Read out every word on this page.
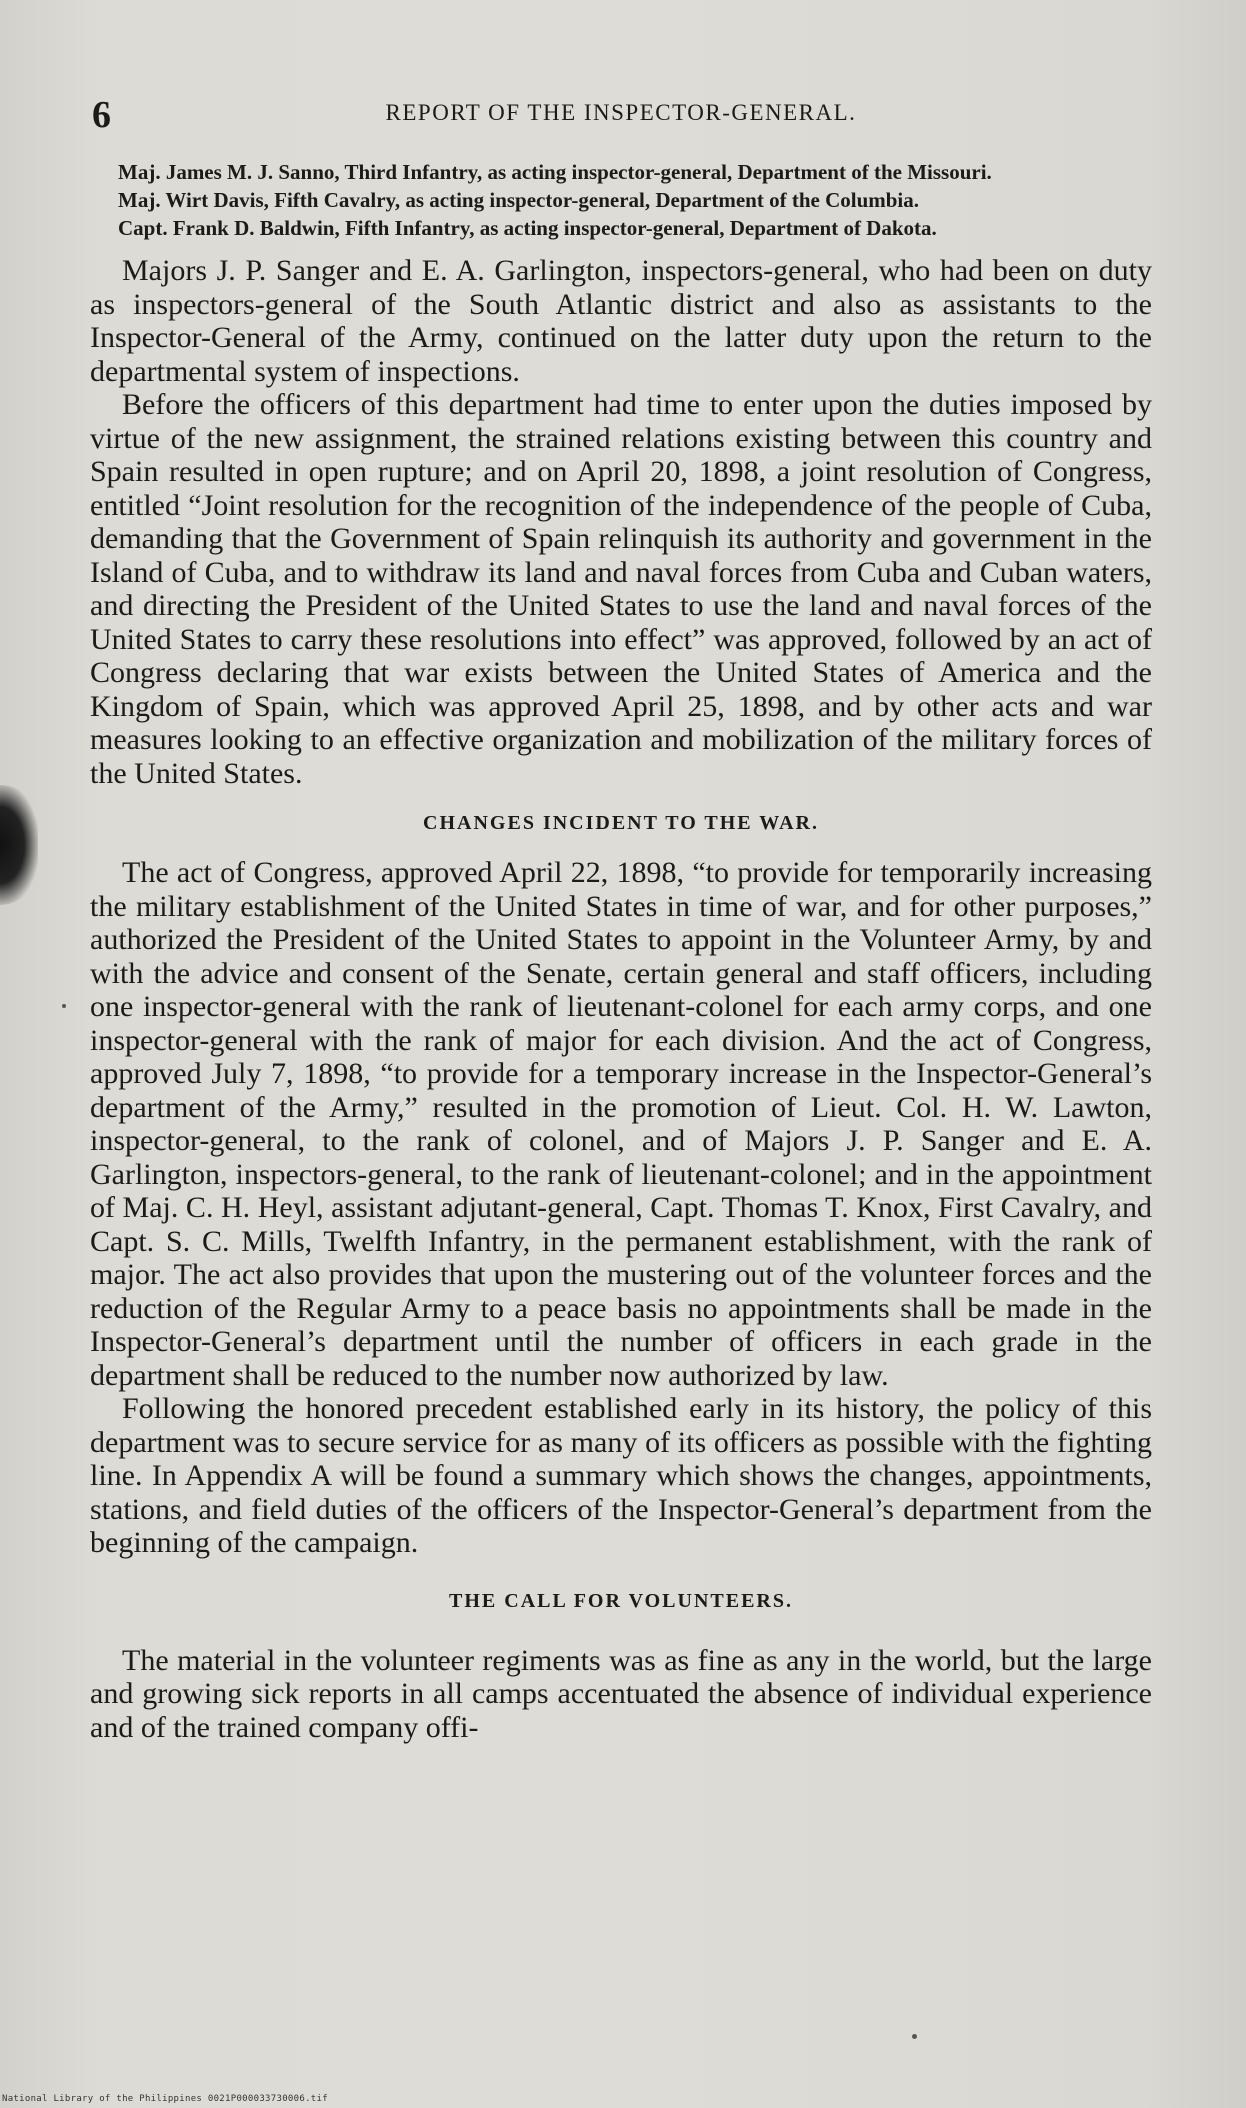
6	REPORT OF THE INSPECTOR-GENERAL.

Maj. James M. J. Sanno, Third Infantry, as acting inspector-general, Department of the Missouri.

Maj. Wirt Davis, Fifth Cavalry, as acting inspector-general, Department of the Columbia.

Capt. Frank D. Baldwin, Fifth Infantry, as acting inspector-general, Department of Dakota.

Majors J. P. Sanger and E. A. Garlington, inspectors-general, who had been on duty as inspectors-general of the South Atlantic district and also as assistants to the Inspector-General of the Army, continued on the latter duty upon the return to the departmental system of inspections.

Before the officers of this department had time to enter upon the duties imposed by virtue of the new assignment, the strained relations existing between this country and Spain resulted in open rupture; and on April 20, 1898, a joint resolution of Congress, entitled “Joint resolution for the recognition of the independence of the people of Cuba, demanding that the Government of Spain relinquish its authority and government in the Island of Cuba, and to withdraw its land and naval forces from Cuba and Cuban waters, and directing the President of the United States to use the land and naval forces of the United States to carry these resolutions into effect” was approved, followed by an act of Congress declaring that war exists between the United States of America and the Kingdom of Spain, which was approved April 25, 1898, and by other acts and war measures looking to an effective organization and mobilization of the military forces of the United States.

CHANGES INCIDENT TO THE WAR.

The act of Congress, approved April 22, 1898, “to provide for temporarily increasing the military establishment of the United States in time of war, and for other purposes,” authorized the President of the United States to appoint in the Volunteer Army, by and with the advice and consent of the Senate, certain general and staff officers, including one inspector-general with the rank of lieutenant-colonel for each army corps, and one inspector-general with the rank of major for each division. And the act of Congress, approved July 7, 1898, “to provide for a temporary increase in the Inspector-General’s department of the Army,” resulted in the promotion of Lieut. Col. H. W. Lawton, inspector-general, to the rank of colonel, and of Majors J. P. Sanger and E. A. Garlington, inspectors-general, to the rank of lieutenant-colonel; and in the appointment of Maj. C. H. Heyl, assistant adjutant-general, Capt. Thomas T. Knox, First Cavalry, and Capt. S. C. Mills, Twelfth Infantry, in the permanent establishment, with the rank of major. The act also provides that upon the mustering out of the volunteer forces and the reduction of the Regular Army to a peace basis no appointments shall be made in the Inspector-General’s department until the number of officers in each grade in the department shall be reduced to the number now authorized by law.

Following the honored precedent established early in its history, the policy of this department was to secure service for as many of its officers as possible with the fighting line. In Appendix A will be found a summary which shows the changes, appointments, stations, and field duties of the officers of the Inspector-General’s department from the beginning of the campaign.

THE CALL FOR VOLUNTEERS.

The material in the volunteer regiments was as fine as any in the world, but the large and growing sick reports in all camps accentuated the absence of individual experience and of the trained company offi-

National Library of the Philippines 0021P000033730006.tif
